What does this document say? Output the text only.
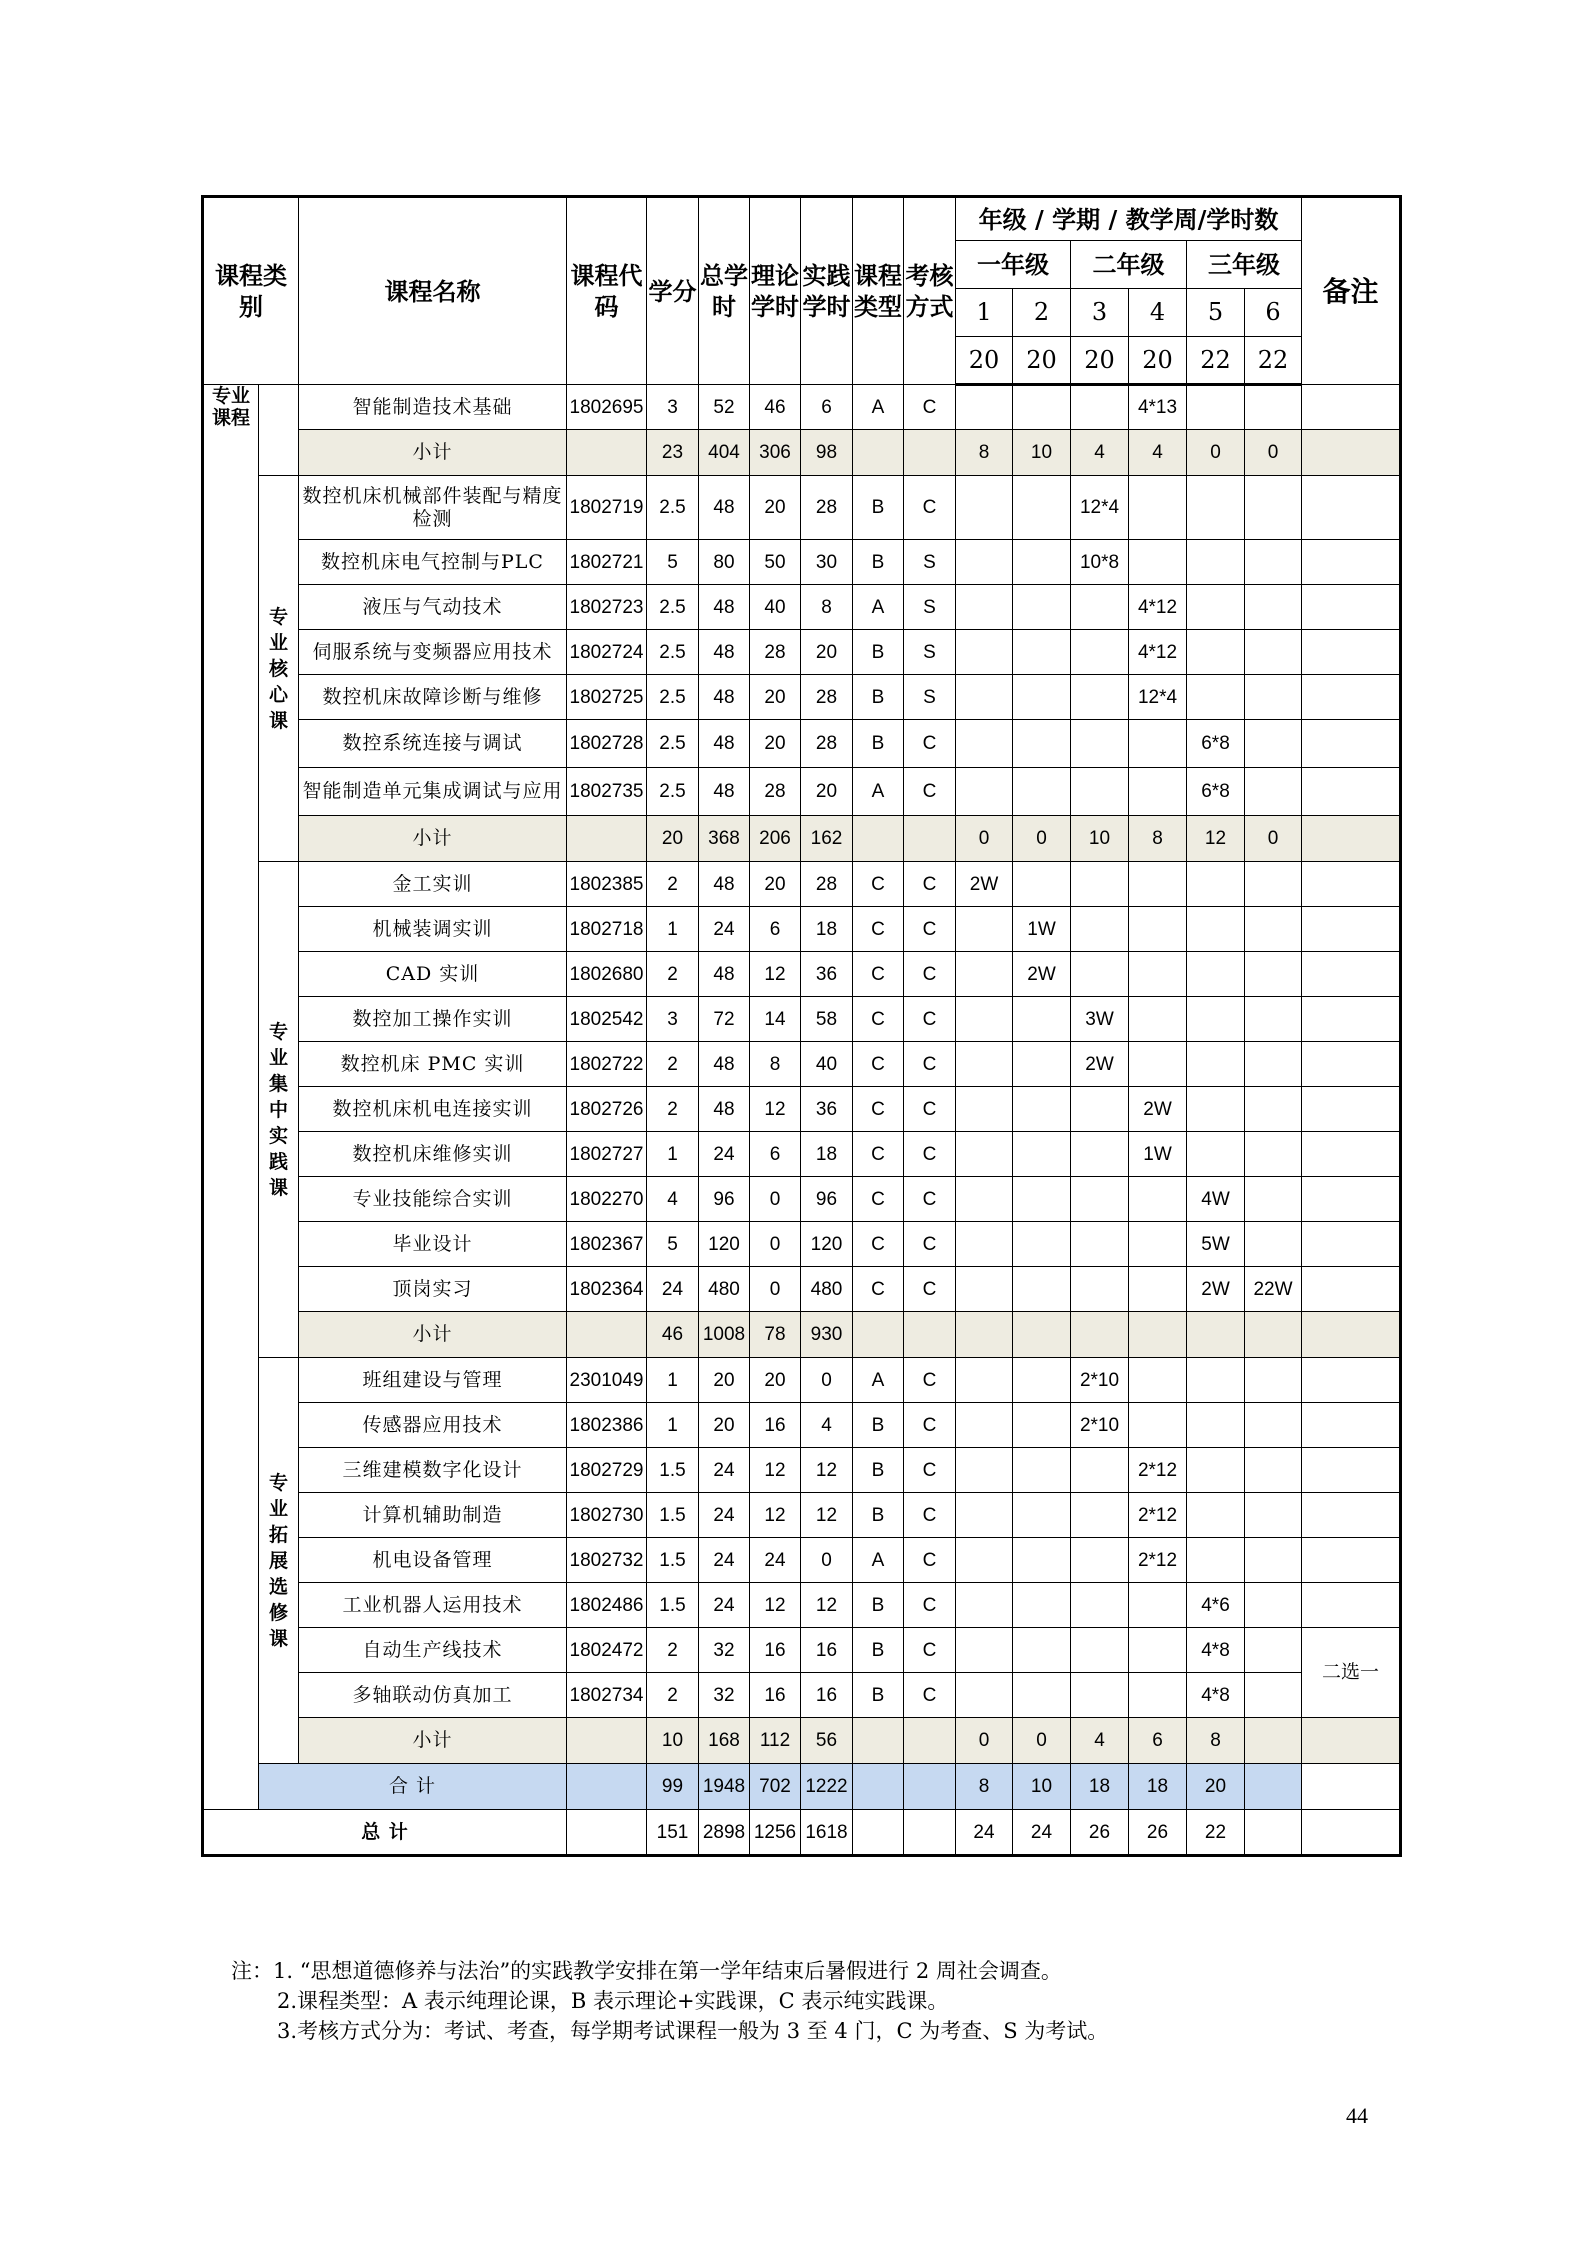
课程类别		课程名称	课程代码	学分	总学时	理论学时	实践学时	课程类型	考核方式	年级 / 学期 / 教学周/学时数						备注
										一年级		二年级		三年级		
										1	2	3	4	5	6	
										20	20	20	20	22	22	
专业课程		智能制造技术基础	1802695	3	52	46	6	A	C				4*13			
		小计		23	404	306	98			8	10	4	4	0	0	

	专业核心课	数控机床机械部件装配与精度检测	1802719	2.5	48	20	28	B	C			12*4				
		数控机床电气控制与PLC	1802721	5	80	50	30	B	S			10*8				
		液压与气动技术	1802723	2.5	48	40	8	A	S				4*12			
		伺服系统与变频器应用技术	1802724	2.5	48	28	20	B	S				4*12			
		数控机床故障诊断与维修	1802725	2.5	48	20	28	B	S				12*4			
		数控系统连接与调试	1802728	2.5	48	20	28	B	C					6*8		
		智能制造单元集成调试与应用	1802735	2.5	48	28	20	A	C					6*8		
		小计		20	368	206	162			0	0	10	8	12	0	

	专业集中实践课	金工实训	1802385	2	48	20	28	C	C	2W						
		机械装调实训	1802718	1	24	6	18	C	C		1W					
		CAD 实训	1802680	2	48	12	36	C	C		2W					
		数控加工操作实训	1802542	3	72	14	58	C	C			3W				
		数控机床 PMC 实训	1802722	2	48	8	40	C	C			2W				
		数控机床机电连接实训	1802726	2	48	12	36	C	C				2W			
		数控机床维修实训	1802727	1	24	6	18	C	C				1W			
		专业技能综合实训	1802270	4	96	0	96	C	C					4W		
		毕业设计	1802367	5	120	0	120	C	C					5W		
		顶岗实习	1802364	24	480	0	480	C	C					2W	22W	
		小计		46	1008	78	930									

	专业拓展选修课	班组建设与管理	2301049	1	20	20	0	A	C			2*10				
		传感器应用技术	1802386	1	20	16	4	B	C			2*10				
		三维建模数字化设计	1802729	1.5	24	12	12	B	C				2*12			
		计算机辅助制造	1802730	1.5	24	12	12	B	C				2*12			
		机电设备管理	1802732	1.5	24	24	0	A	C				2*12			
		工业机器人运用技术	1802486	1.5	24	12	12	B	C					4*6		
		自动生产线技术	1802472	2	32	16	16	B	C					4*8		二选一
		多轴联动仿真加工	1802734	2	32	16	16	B	C					4*8		
		小计		10	168	112	56			0	0	4	6	8		
	合 计			99	1948	702	1222			8	10	18	18	20		
总 计				151	2898	1256	1618			24	24	26	26	22		
注：1. “思想道德修养与法治”的实践教学安排在第一学年结束后暑假进行 2 周社会调查。
2.课程类型：A 表示纯理论课，B 表示理论+实践课，C 表示纯实践课。
3.考核方式分为：考试、考查，每学期考试课程一般为 3 至 4 门，C 为考查、S 为考试。
44
